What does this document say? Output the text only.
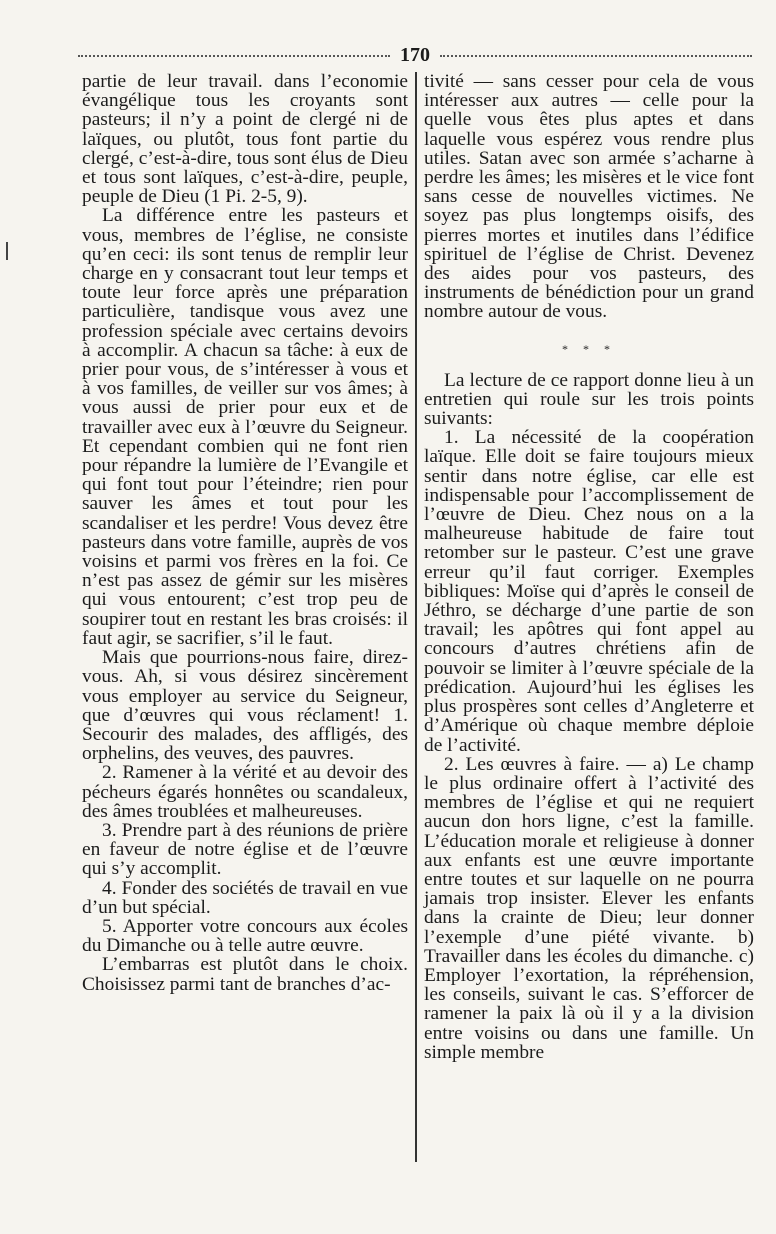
170

partie de leur travail. dans l’economie évangélique tous les croyants sont pasteurs; il n’y a point de clergé ni de laïques, ou plutôt, tous font partie du clergé, c’est-à-dire, tous sont élus de Dieu et tous sont laïques, c’est-à-dire, peuple, peuple de Dieu (1 Pi. 2-5, 9).

La différence entre les pasteurs et vous, membres de l’église, ne consiste qu’en ceci: ils sont tenus de remplir leur charge en y consacrant tout leur temps et toute leur force après une préparation particulière, tandisque vous avez une profession spéciale avec certains devoirs à accomplir. A chacun sa tâche: à eux de prier pour vous, de s’intéresser à vous et à vos familles, de veiller sur vos âmes; à vous aussi de prier pour eux et de travailler avec eux à l’œuvre du Seigneur. Et cependant combien qui ne font rien pour répandre la lumière de l’Evangile et qui font tout pour l’éteindre; rien pour sauver les âmes et tout pour les scandaliser et les perdre! Vous devez être pasteurs dans votre famille, auprès de vos voisins et parmi vos frères en la foi. Ce n’est pas assez de gémir sur les misères qui vous entourent; c’est trop peu de soupirer tout en restant les bras croisés: il faut agir, se sacrifier, s’il le faut.

Mais que pourrions-nous faire, direz-vous. Ah, si vous désirez sincèrement vous employer au service du Seigneur, que d’œuvres qui vous réclament! 1. Secourir des malades, des affligés, des orphelins, des veuves, des pauvres.

2. Ramener à la vérité et au devoir des pécheurs égarés honnêtes ou scandaleux, des âmes troublées et malheureuses.

3. Prendre part à des réunions de prière en faveur de notre église et de l’œuvre qui s’y accomplit.

4. Fonder des sociétés de travail en vue d’un but spécial.

5. Apporter votre concours aux écoles du Dimanche ou à telle autre œuvre.

L’embarras est plutôt dans le choix. Choisissez parmi tant de branches d’ac-

tivité — sans cesser pour cela de vous intéresser aux autres — celle pour la quelle vous êtes plus aptes et dans laquelle vous espérez vous rendre plus utiles. Satan avec son armée s’acharne à perdre les âmes; les misères et le vice font sans cesse de nouvelles victimes. Ne soyez pas plus longtemps oisifs, des pierres mortes et inutiles dans l’édifice spirituel de l’église de Christ. Devenez des aides pour vos pasteurs, des instruments de bénédiction pour un grand nombre autour de vous.

* * *

La lecture de ce rapport donne lieu à un entretien qui roule sur les trois points suivants:

1. La nécessité de la coopération laïque. Elle doit se faire toujours mieux sentir dans notre église, car elle est indispensable pour l’accomplissement de l’œuvre de Dieu. Chez nous on a la malheureuse habitude de faire tout retomber sur le pasteur. C’est une grave erreur qu’il faut corriger. Exemples bibliques: Moïse qui d’après le conseil de Jéthro, se décharge d’une partie de son travail; les apôtres qui font appel au concours d’autres chrétiens afin de pouvoir se limiter à l’œuvre spéciale de la prédication. Aujourd’hui les églises les plus prospères sont celles d’Angleterre et d’Amérique où chaque membre déploie de l’activité.

2. Les œuvres à faire. — a) Le champ le plus ordinaire offert à l’activité des membres de l’église et qui ne requiert aucun don hors ligne, c’est la famille. L’éducation morale et religieuse à donner aux enfants est une œuvre importante entre toutes et sur laquelle on ne pourra jamais trop insister. Elever les enfants dans la crainte de Dieu; leur donner l’exemple d’une piété vivante. b) Travailler dans les écoles du dimanche. c) Employer l’exortation, la répréhension, les conseils, suivant le cas. S’efforcer de ramener la paix là où il y a la division entre voisins ou dans une famille. Un simple membre
